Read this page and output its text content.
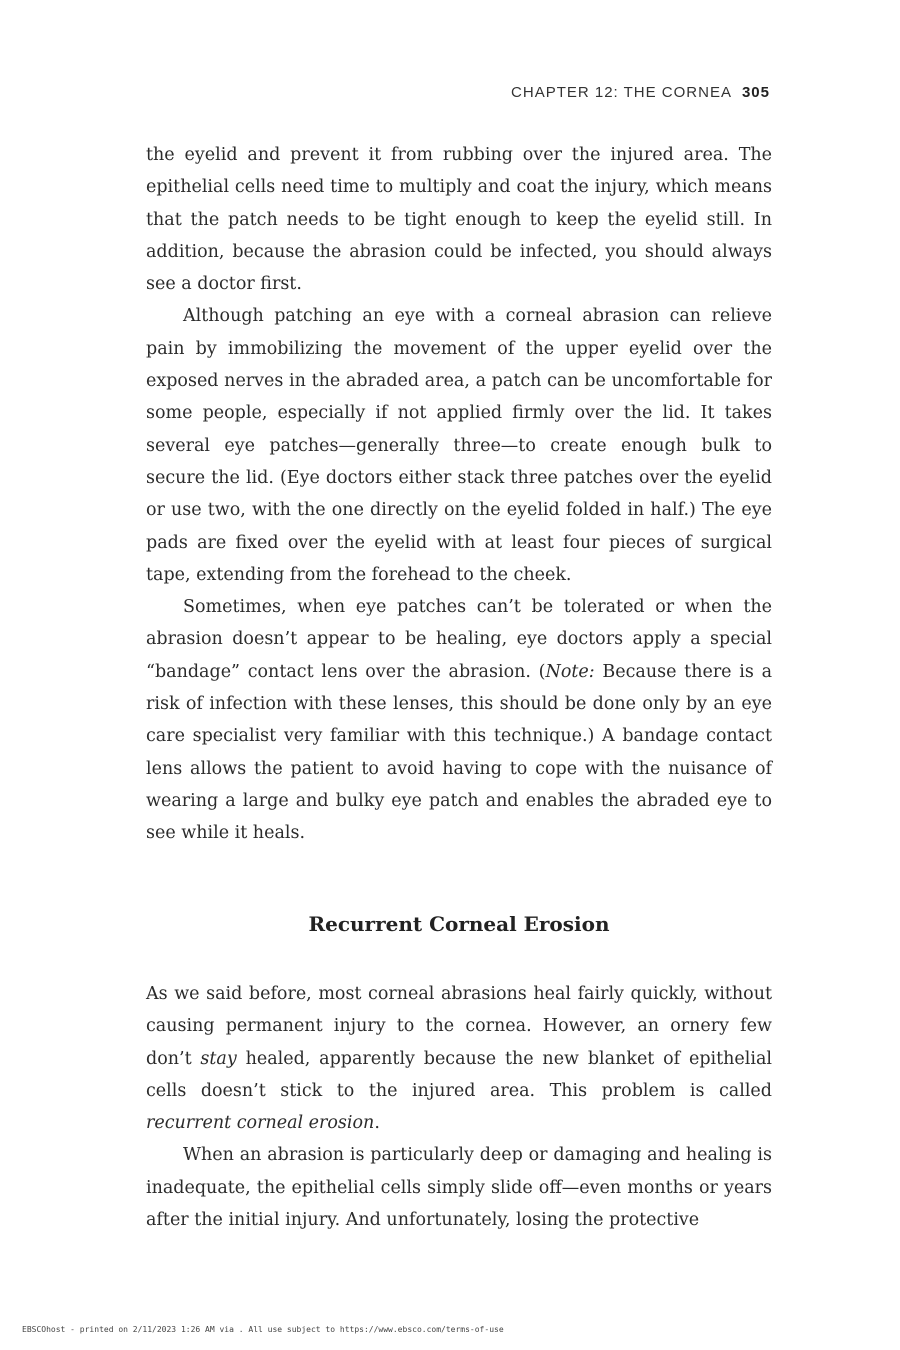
CHAPTER 12: THE CORNEA 305

the eyelid and prevent it from rubbing over the injured area. The epithelial cells need time to multiply and coat the injury, which means that the patch needs to be tight enough to keep the eyelid still. In addition, because the abrasion could be infected, you should always see a doctor first.

Although patching an eye with a corneal abrasion can relieve pain by immobilizing the movement of the upper eyelid over the exposed nerves in the abraded area, a patch can be uncomfortable for some people, especially if not applied firmly over the lid. It takes several eye patches—generally three—to create enough bulk to secure the lid. (Eye doctors either stack three patches over the eyelid or use two, with the one directly on the eyelid folded in half.) The eye pads are fixed over the eyelid with at least four pieces of surgical tape, extending from the forehead to the cheek.

Sometimes, when eye patches can’t be tolerated or when the abrasion doesn’t appear to be healing, eye doctors apply a special “bandage” contact lens over the abrasion. (Note: Because there is a risk of infection with these lenses, this should be done only by an eye care specialist very familiar with this technique.) A bandage contact lens allows the patient to avoid having to cope with the nuisance of wearing a large and bulky eye patch and enables the abraded eye to see while it heals.

Recurrent Corneal Erosion

As we said before, most corneal abrasions heal fairly quickly, without causing permanent injury to the cornea. However, an ornery few don’t stay healed, apparently because the new blanket of epithelial cells doesn’t stick to the injured area. This problem is called recurrent corneal erosion.

When an abrasion is particularly deep or damaging and healing is inadequate, the epithelial cells simply slide off—even months or years after the initial injury. And unfortunately, losing the protective

EBSCOhost - printed on 2/11/2023 1:26 AM via . All use subject to https://www.ebsco.com/terms-of-use
